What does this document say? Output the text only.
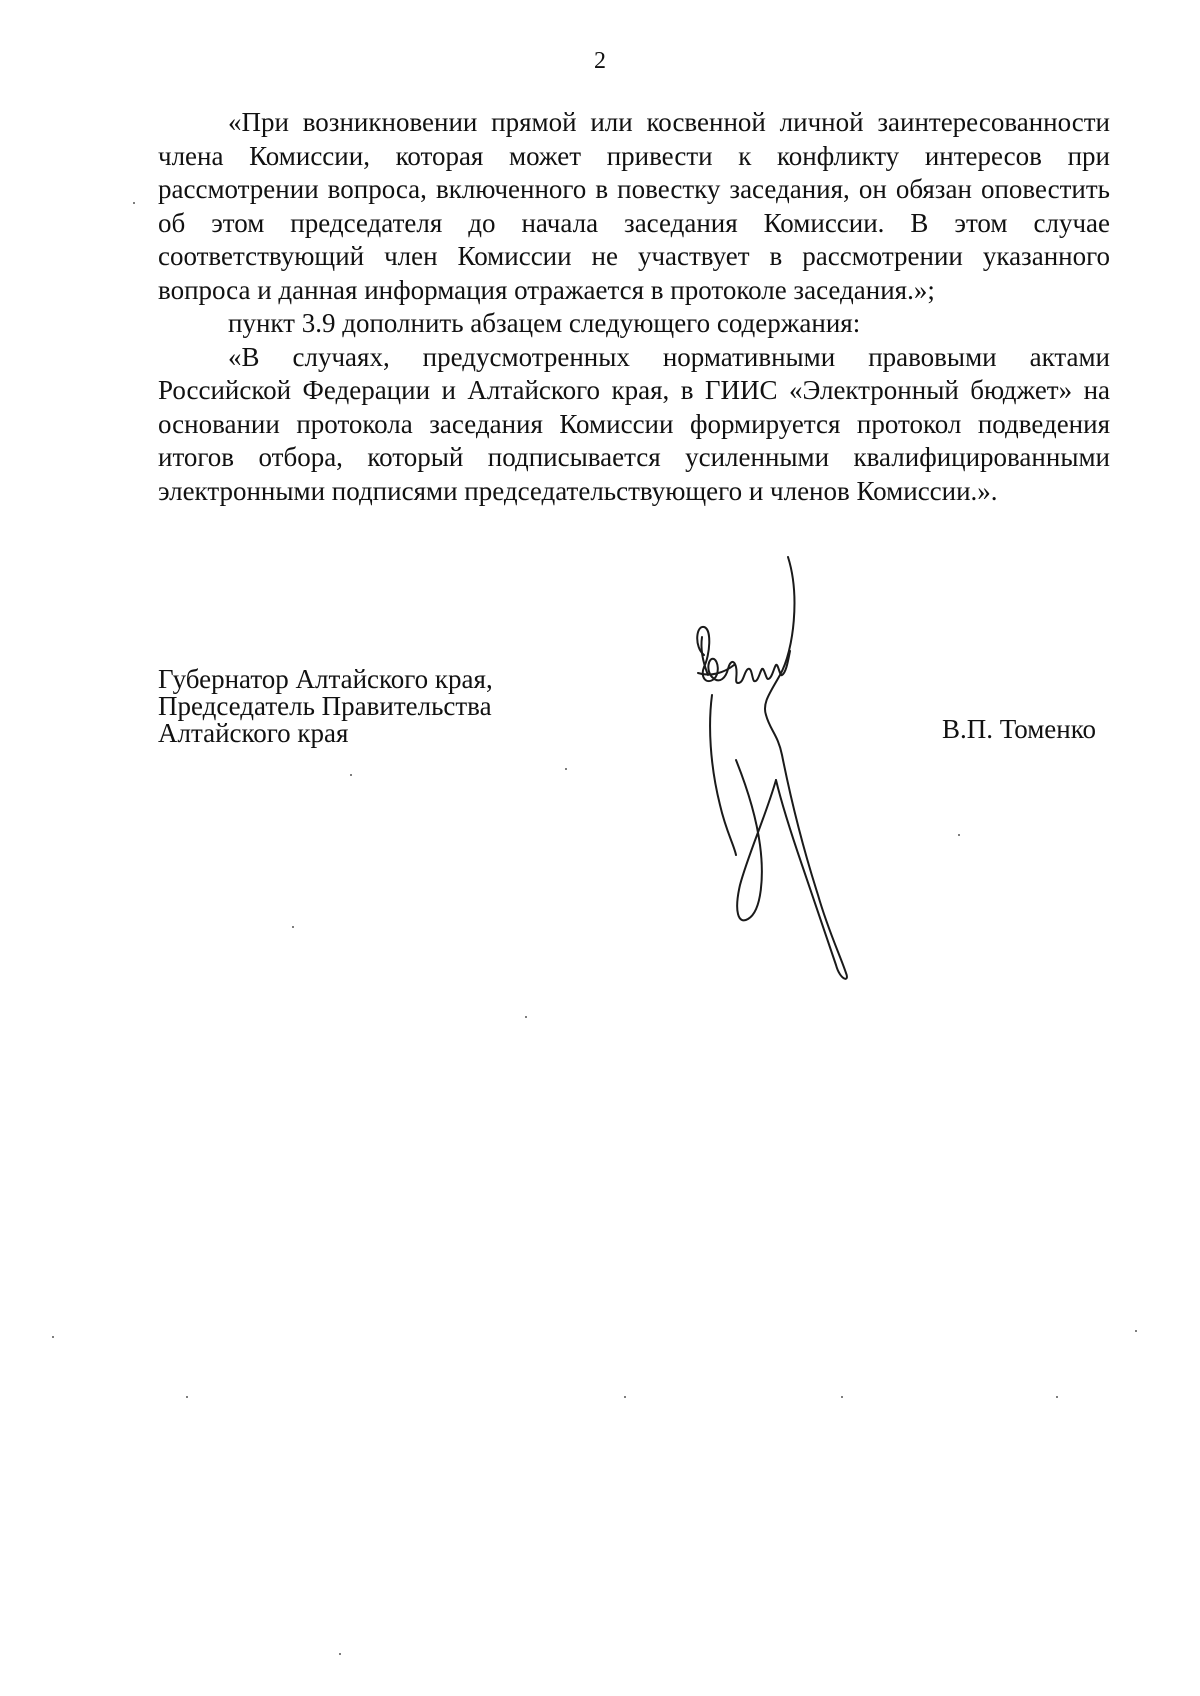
2

«При возникновении прямой или косвенной личной заинтересованности члена Комиссии, которая может привести к конфликту интересов при рассмотрении вопроса, включенного в повестку заседания, он обязан оповестить об этом председателя до начала заседания Комиссии. В этом случае соответствующий член Комиссии не участвует в рассмотрении указанного вопроса и данная информация отражается в протоколе заседания.»;

пункт 3.9 дополнить абзацем следующего содержания:

«В случаях, предусмотренных нормативными правовыми актами Российской Федерации и Алтайского края, в ГИИС «Электронный бюджет» на основании протокола заседания Комиссии формируется протокол подведения итогов отбора, который подписывается усиленными квалифицированными электронными подписями председательствующего и членов Комиссии.».

Губернатор Алтайского края,
Председатель Правительства
Алтайского края	В.П. Томенко
